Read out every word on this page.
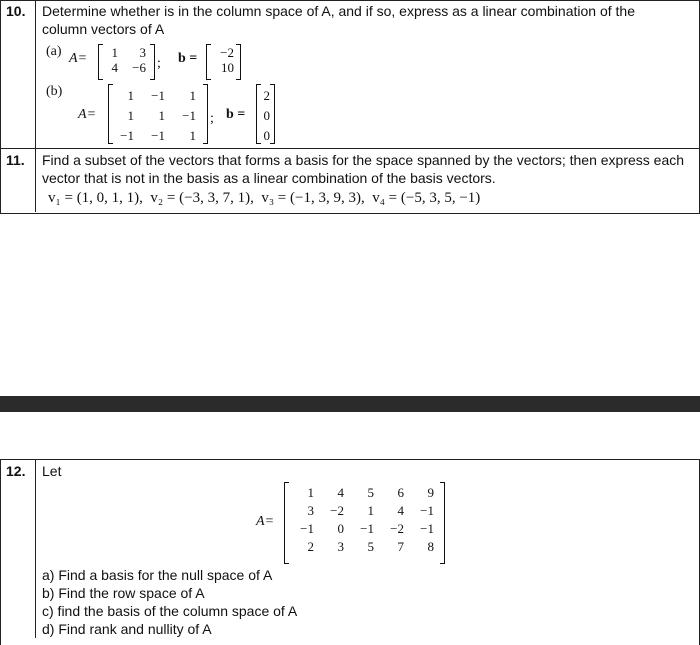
10. Determine whether is in the column space of A, and if so, express as a linear combination of the
column vectors of A
(a) A=	1	3
4	−6 ; b =	−2
10
(b)
A=
1	−1	1
1	1	−1
−1	−1	1
; b =
2
0
0
11. Find a subset of the vectors that forms a basis for the space spanned by the vectors; then express each
vector that is not in the basis as a linear combination of the basis vectors.
v₁ = (1, 0, 1, 1),  v₂ = (−3, 3, 7, 1),  v₃ = (−1, 3, 9, 3),  v₄ = (−5, 3, 5, −1)
12. Let
A=
1	4	5	6	9
3	−2	1	4	−1
−1	0	−1	−2	−1
2	3	5	7	8
a) Find a basis for the null space of A
b) Find the row space of A
c) find the basis of the column space of A
d) Find rank and nullity of A
